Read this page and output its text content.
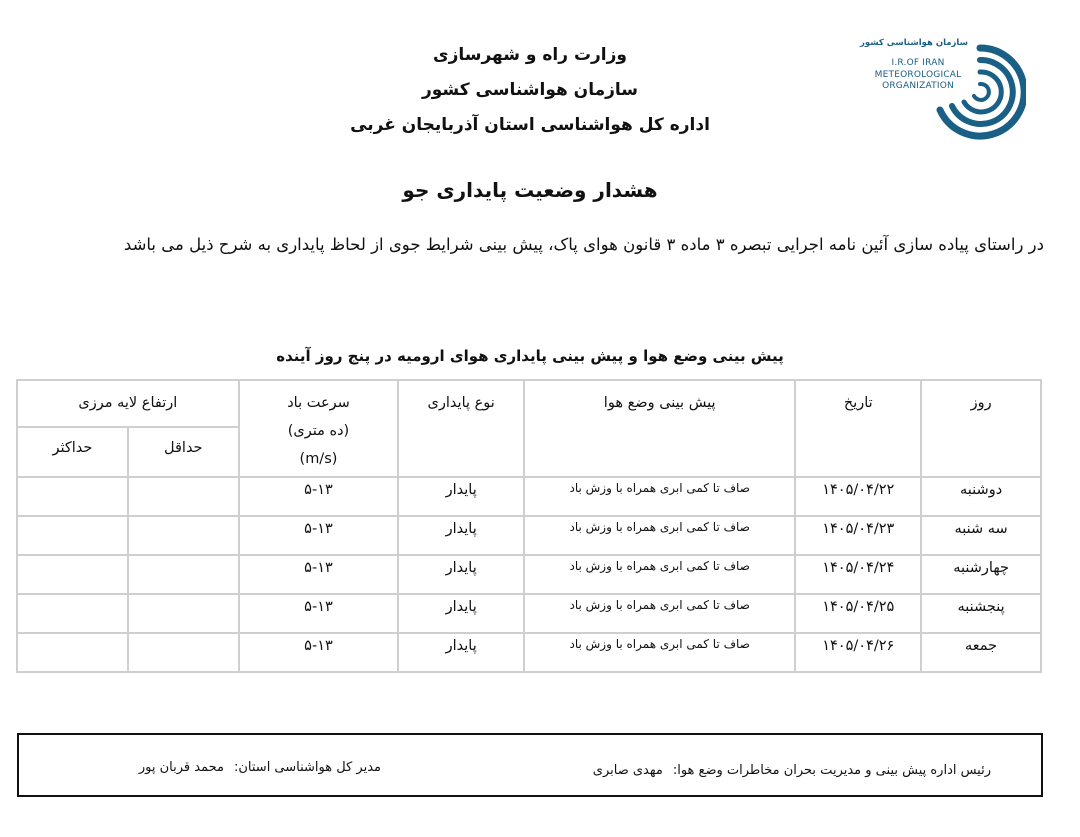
وزارت راه و شهرسازی
سازمان هواشناسی کشور
اداره کل هواشناسی استان آذربایجان غربی
سازمان هواشناسی کشور
I.R.OF IRAN
METEOROLOGICAL
ORGANIZATION
هشدار وضعیت پایداری جو
در راستای پیاده سازی آئین نامه اجرایی تبصره ۳ ماده ۳ قانون هوای پاک، پیش بینی شرایط جوی از لحاظ پایداری به شرح ذیل می باشد
پیش بینی وضع هوا و پیش بینی پایداری هوای ارومیه در پنج روز آینده
روز	تاریخ	پیش بینی وضع هوا	نوع پایداری	سرعت باد
(ده متری)
(m/s)	ارتفاع لایه مرزی	
					حداقل	حداکثر
دوشنبه	۱۴۰۵/۰۴/۲۲	صاف تا کمی ابری همراه با وزش باد	پایدار	۵-۱۳		
سه شنبه	۱۴۰۵/۰۴/۲۳	صاف تا کمی ابری همراه با وزش باد	پایدار	۵-۱۳		
چهارشنبه	۱۴۰۵/۰۴/۲۴	صاف تا کمی ابری همراه با وزش باد	پایدار	۵-۱۳		
پنجشنبه	۱۴۰۵/۰۴/۲۵	صاف تا کمی ابری همراه با وزش باد	پایدار	۵-۱۳		
جمعه	۱۴۰۵/۰۴/۲۶	صاف تا کمی ابری همراه با وزش باد	پایدار	۵-۱۳		
رئیس اداره پیش بینی و مدیریت بحران مخاطرات وضع هوا:مهدی صابری
مدیر کل هواشناسی استان:محمد قربان پور
